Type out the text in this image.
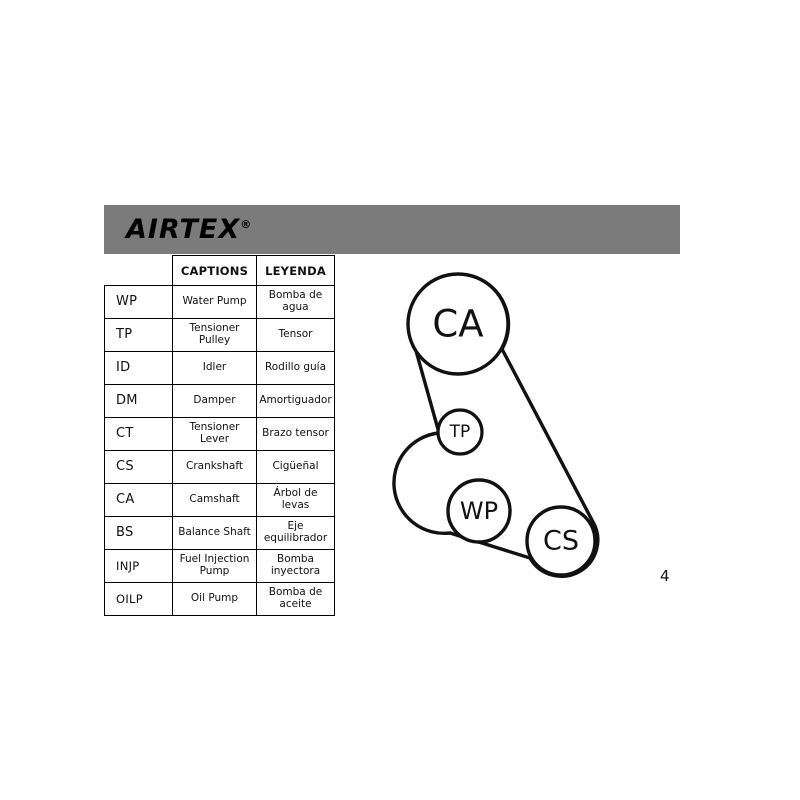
AIRTEX®
	CAPTIONS	LEYENDA
WP	Water Pump	Bomba de agua
TP	Tensioner Pulley	Tensor
ID	Idler	Rodillo guía
DM	Damper	Amortiguador
CT	Tensioner Lever	Brazo tensor
CS	Crankshaft	Cigüeñal
CA	Camshaft	Árbol de levas
BS	Balance Shaft	Eje equilibrador
INJP	Fuel Injection Pump	Bomba inyectora
OILP	Oil Pump	Bomba de aceite
CA
TP
WP
CS
4
